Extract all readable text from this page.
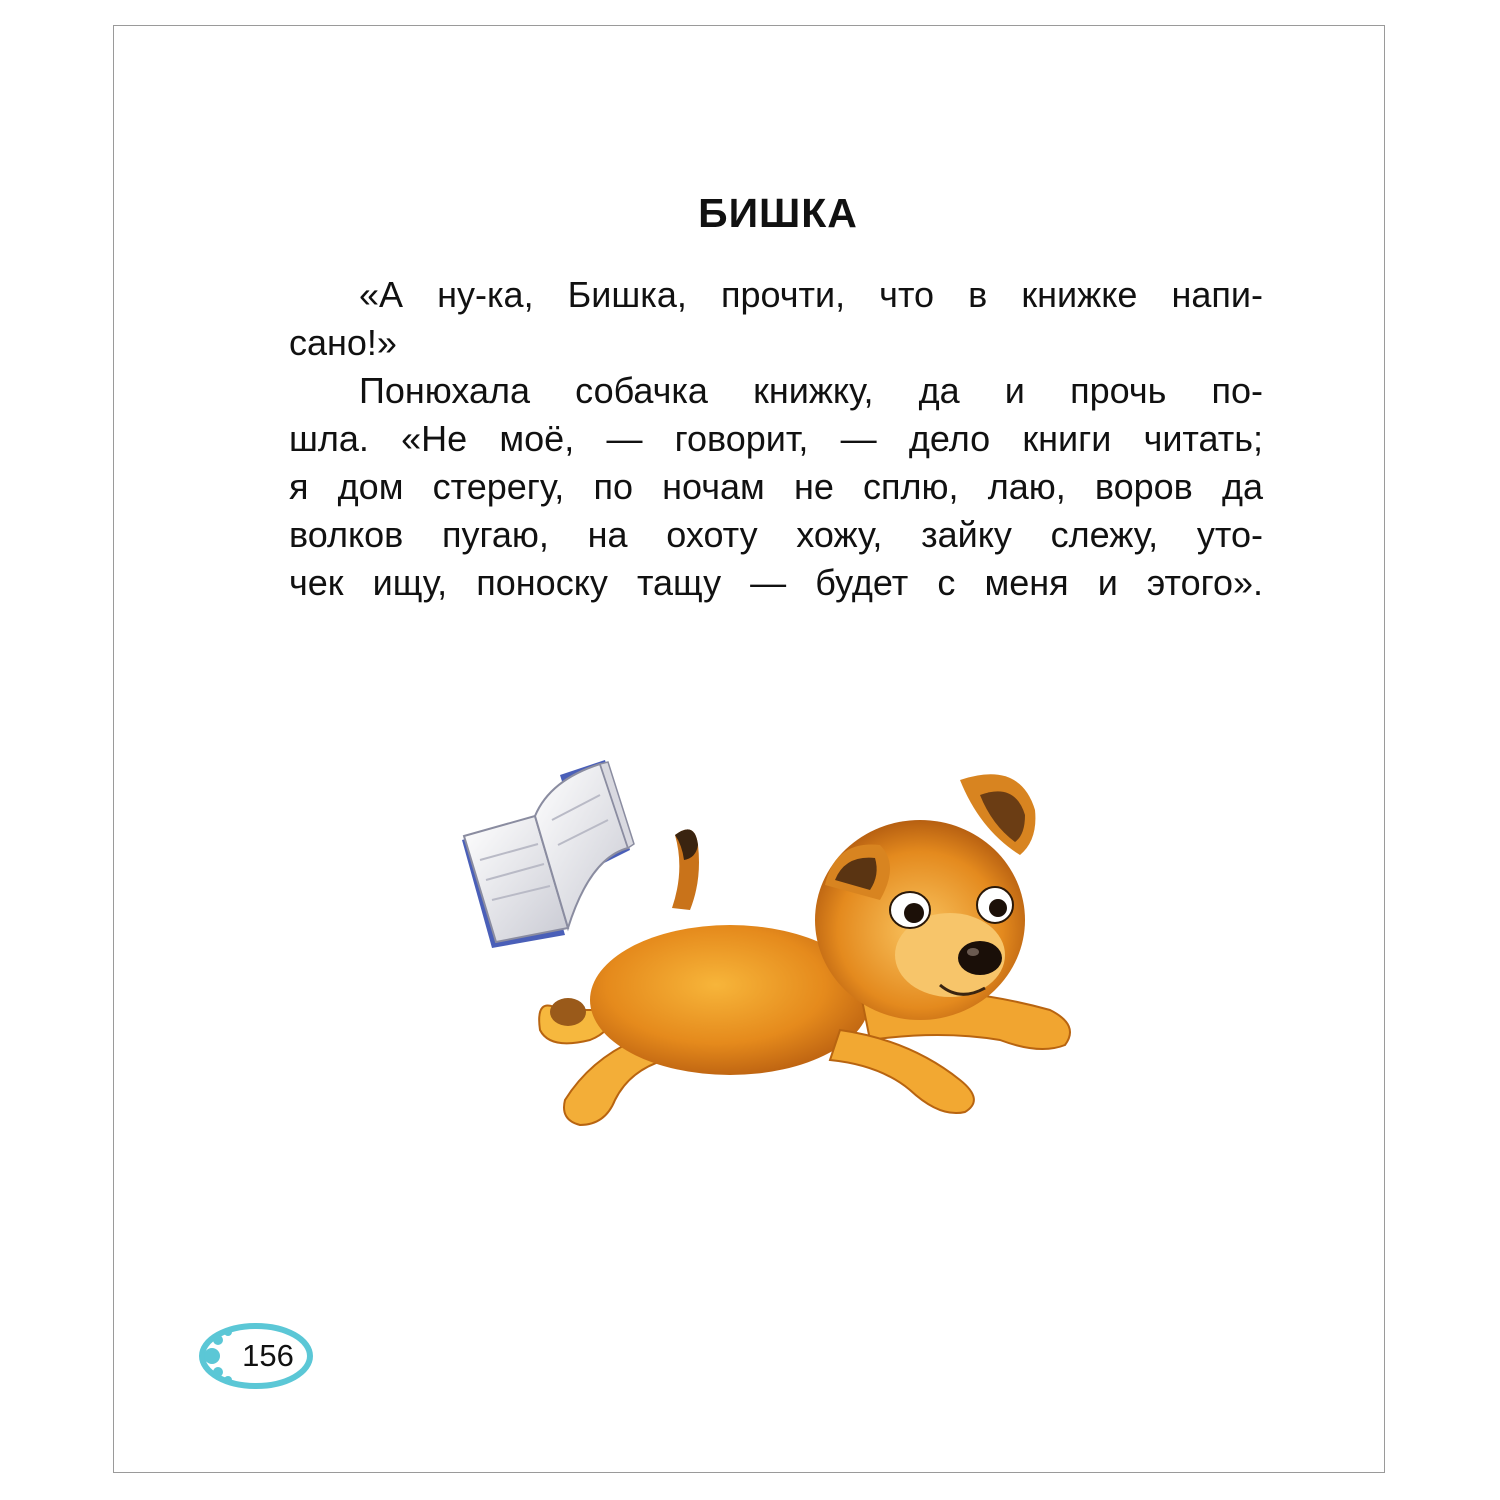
БИШКА
«А ну-ка, Бишка, прочти, что в книжке напи-
сано!»
Понюхала собачка книжку, да и прочь по-
шла. «Не моё, — говорит, — дело книги читать;
я дом стерегу, по ночам не сплю, лаю, воров да
волков пугаю, на охоту хожу, зайку слежу, уто-
чек ищу, поноску тащу — будет с меня и этого».
156
